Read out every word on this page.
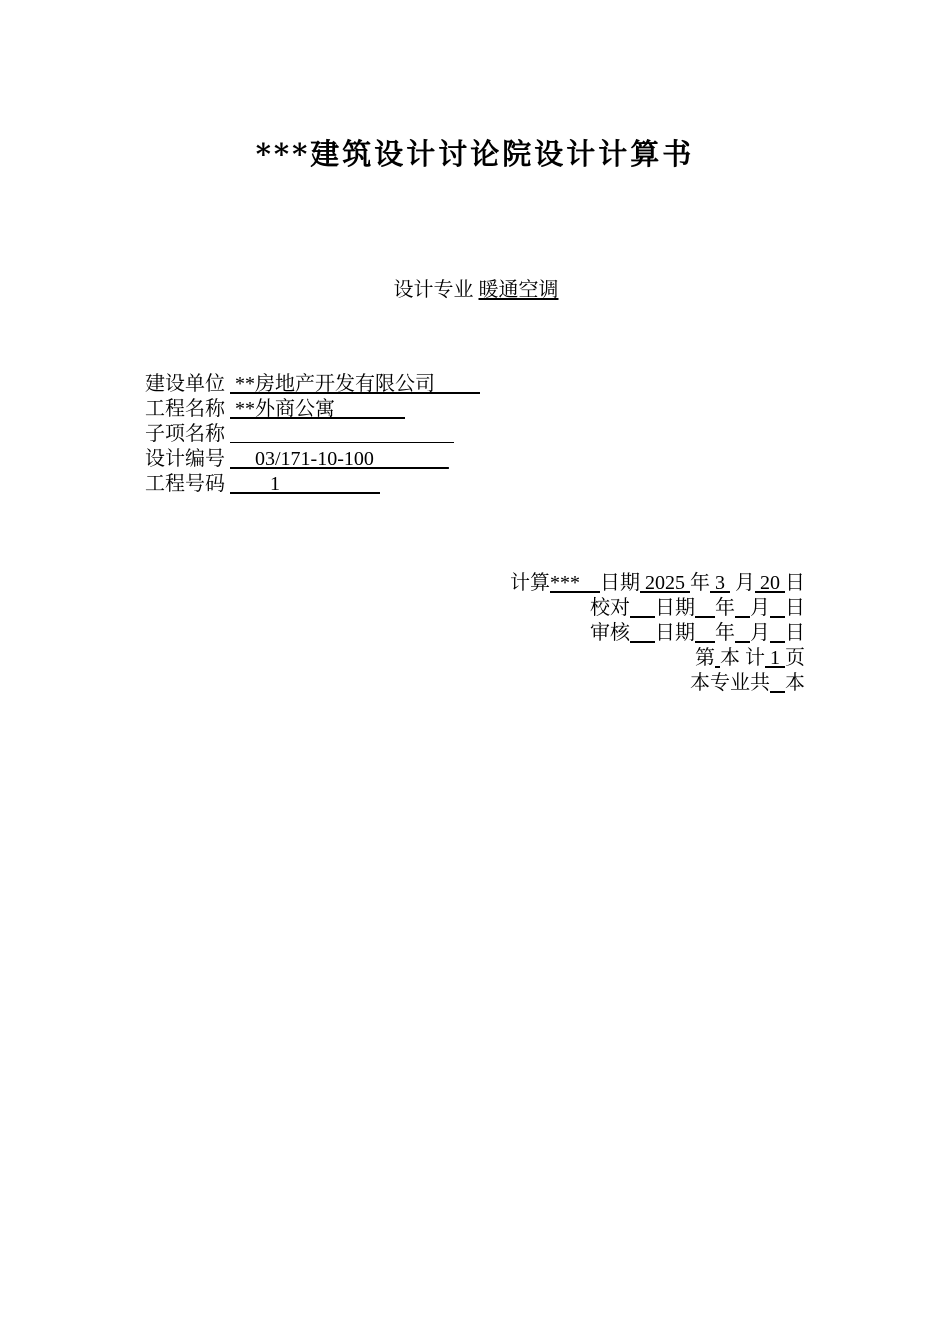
***建筑设计讨论院设计计算书
设计专业 暖通空调
建设单位  **房地产开发有限公司
工程名称  **外商公寓
子项名称
设计编号      03/171-10-100
工程号码         1
计算***    日期 2025 年 3  月 20 日
校对 日期 年 月 日
审核 日期 年 月 日
第 本 计 1 页
本专业共 本
